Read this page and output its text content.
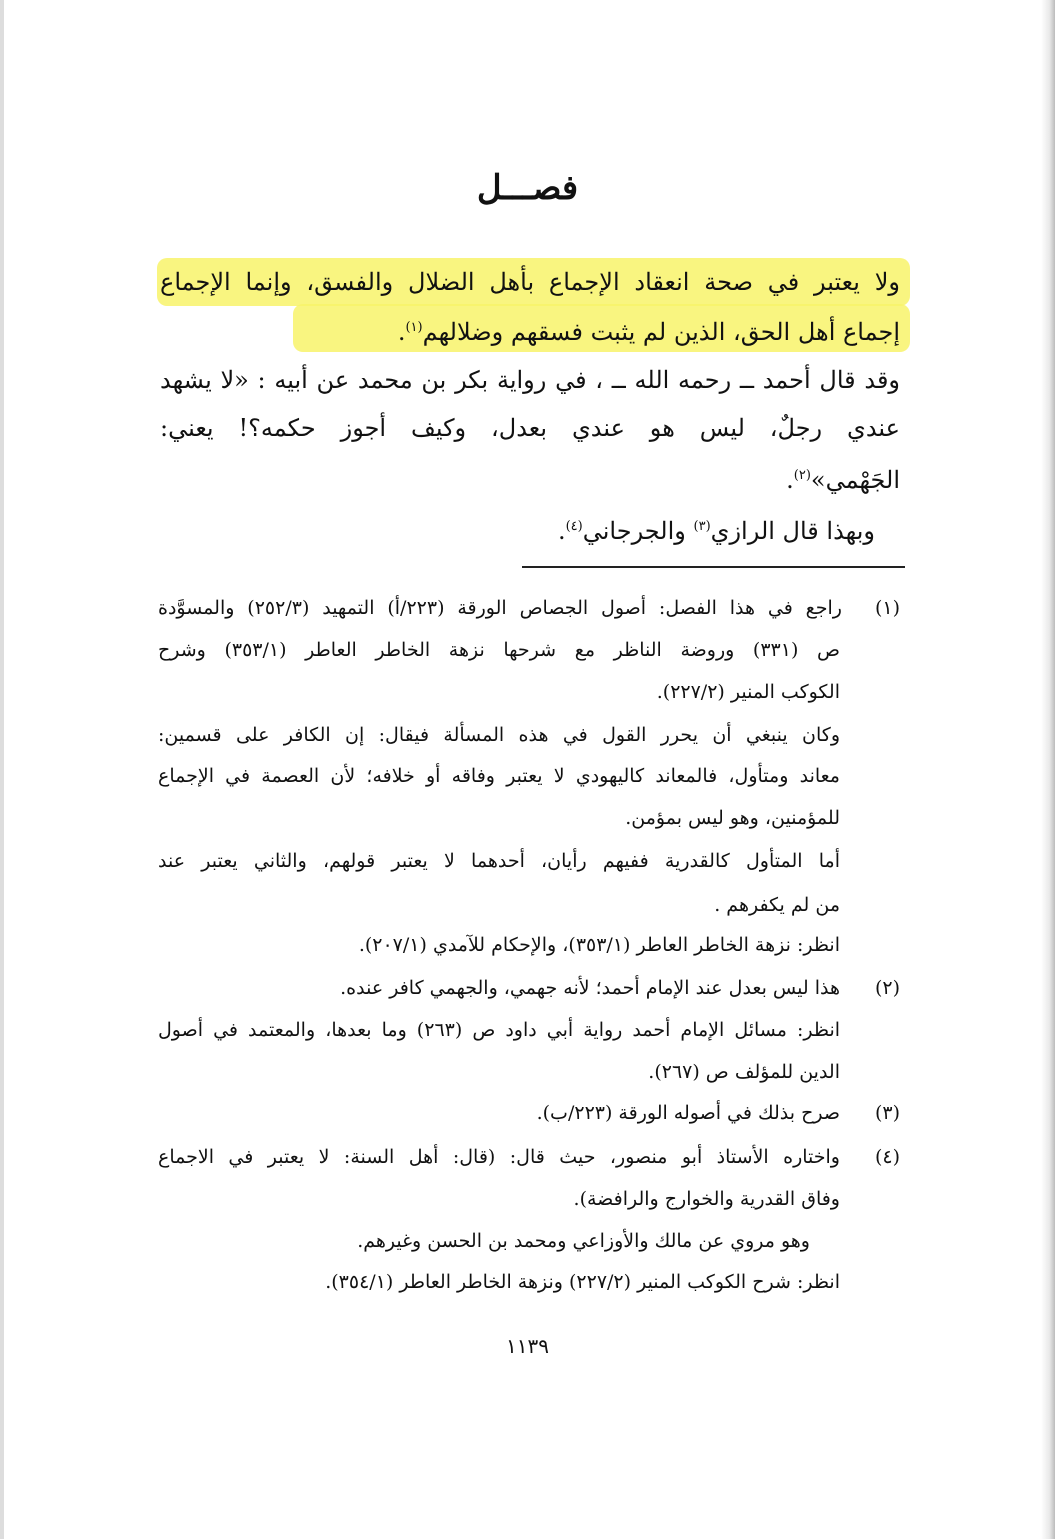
فصـــل
ولا يعتبر في صحة انعقاد الإجماع بأهل الضلال والفسق، وإنما الإجماع
إجماع أهل الحق، الذين لم يثبت فسقهم وضلالهم$^{(١)}$.
وقد قال أحمد ــ رحمه الله ــ ، في رواية بكر بن محمد عن أبيه : «لا يشهد
عندي رجلٌ، ليس هو عندي بعدل، وكيف أجوز حكمه؟! يعني:
الجَهْمي»$^{(٢)}$.
وبهذا قال الرازي$^{(٣)}$ والجرجاني$^{(٤)}$.
(١)
راجع في هذا الفصل: أصول الجصاص الورقة (٢٢٣/أ) التمهيد (٢٥٢/٣) والمسوَّدة
ص (٣٣١) وروضة الناظر مع شرحها نزهة الخاطر العاطر (٣٥٣/١) وشرح
الكوكب المنير (٢٢٧/٢).
وكان ينبغي أن يحرر القول في هذه المسألة فيقال: إن الكافر على قسمين:
معاند ومتأول، فالمعاند كاليهودي لا يعتبر وفاقه أو خلافه؛ لأن العصمة في الإجماع
للمؤمنين، وهو ليس بمؤمن.
أما المتأول كالقدرية ففيهم رأيان، أحدهما لا يعتبر قولهم، والثاني يعتبر عند
من لم يكفرهم .
انظر: نزهة الخاطر العاطر (٣٥٣/١)، والإحكام للآمدي (٢٠٧/١).
(٢)
هذا ليس بعدل عند الإمام أحمد؛ لأنه جهمي، والجهمي كافر عنده.
انظر: مسائل الإمام أحمد رواية أبي داود ص (٢٦٣) وما بعدها، والمعتمد في أصول
الدين للمؤلف ص (٢٦٧).
(٣)
صرح بذلك في أصوله الورقة (٢٢٣/ب).
(٤)
واختاره الأستاذ أبو منصور، حيث قال: (قال: أهل السنة: لا يعتبر في الاجماع
وفاق القدرية والخوارج والرافضة).
وهو مروي عن مالك والأوزاعي ومحمد بن الحسن وغيرهم.
انظر: شرح الكوكب المنير (٢٢٧/٢) ونزهة الخاطر العاطر (٣٥٤/١).
١١٣٩
